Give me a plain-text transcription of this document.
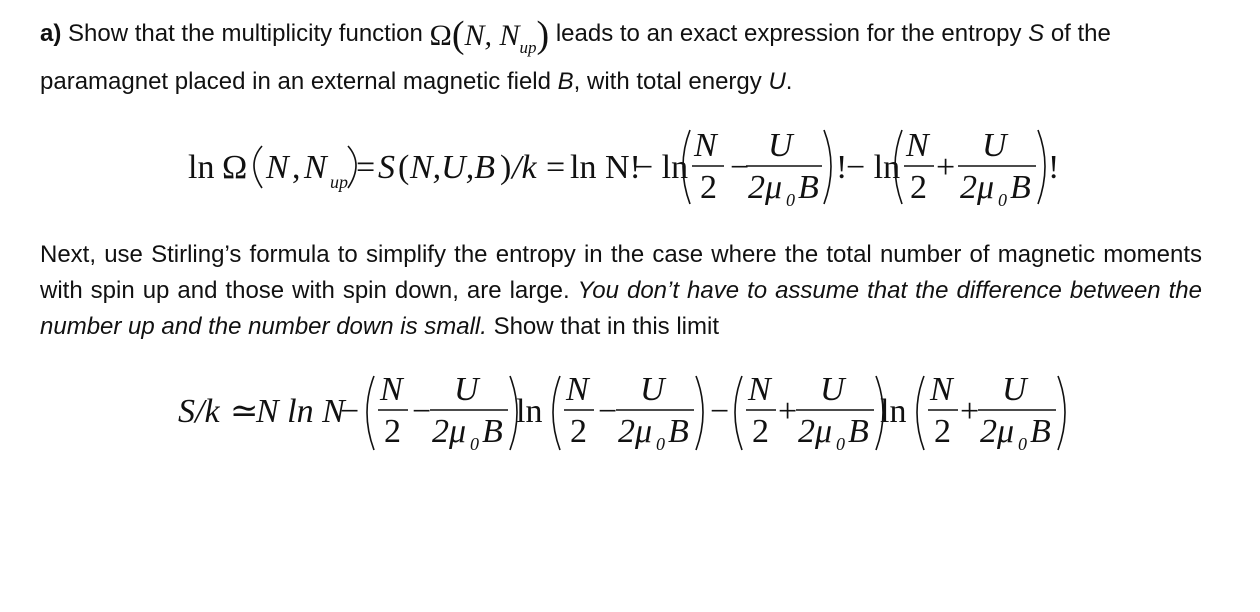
a) Show that the multiplicity function Ω(N, $N_{up}$) leads to an exact expression for the entropy S of the
paramagnet placed in an external magnetic field B, with total energy U.
ln Ω N , N up = S ( N,U,B ) /k = ln N!
− ln
N
2
−
U
2μ 0 B
!
− ln
N
2
+
U
2μ 0 B
!
Next, use Stirling’s formula to simplify the entropy in the case where the total number of magnetic moments with spin up and those with spin down, are large. You don’t have to assume that the difference between the number up and the number down is small. Show that in this limit
S/k ≃
N ln N
−
N
2
−
U
2μ 0 B
ln
N
2
−
U
2μ 0 B
−
N
2
+
U
2μ 0 B
ln
N
2
+
U
2μ 0 B
